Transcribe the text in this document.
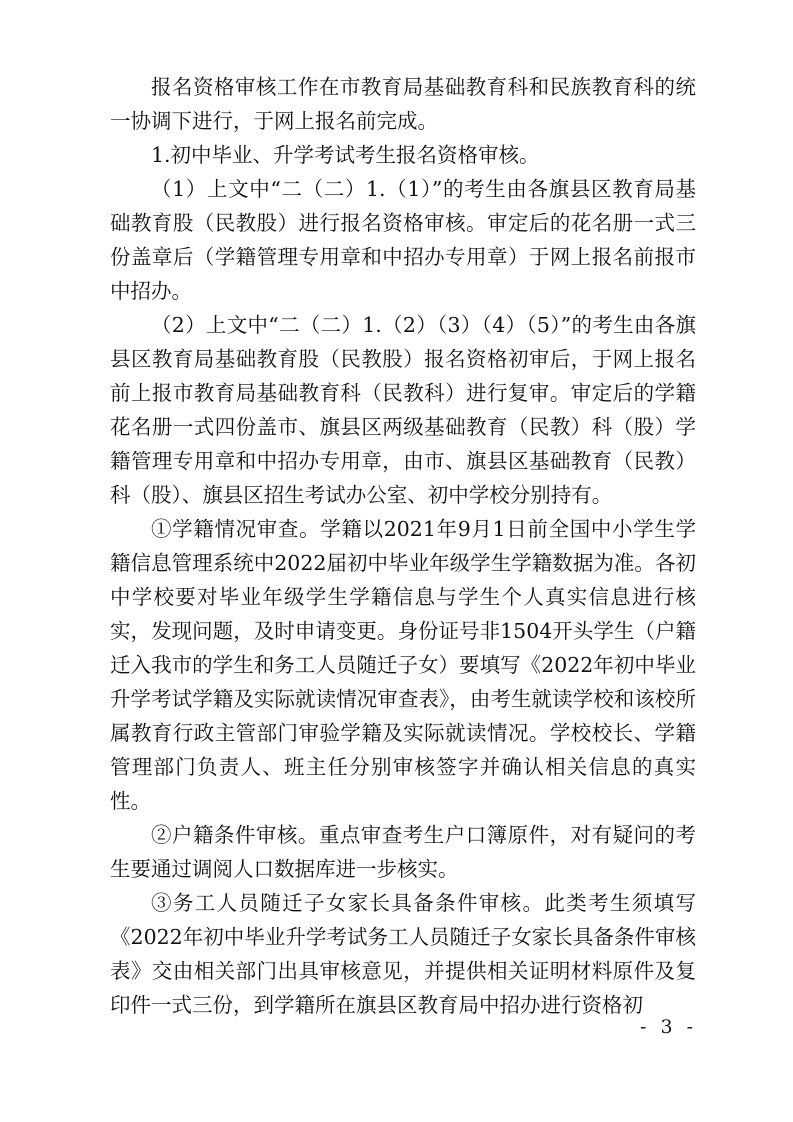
报名资格审核工作在市教育局基础教育科和民族教育科的统一协调下进行，于网上报名前完成。

1.初中毕业、升学考试考生报名资格审核。

（1）上文中“二（二）1.（1）”的考生由各旗县区教育局基础教育股（民教股）进行报名资格审核。审定后的花名册一式三份盖章后（学籍管理专用章和中招办专用章）于网上报名前报市中招办。

（2）上文中“二（二）1.（2）（3）（4）（5）”的考生由各旗县区教育局基础教育股（民教股）报名资格初审后，于网上报名前上报市教育局基础教育科（民教科）进行复审。审定后的学籍花名册一式四份盖市、旗县区两级基础教育（民教）科（股）学籍管理专用章和中招办专用章，由市、旗县区基础教育（民教）科（股）、旗县区招生考试办公室、初中学校分别持有。

①学籍情况审查。学籍以2021年9月1日前全国中小学生学籍信息管理系统中2022届初中毕业年级学生学籍数据为准。各初中学校要对毕业年级学生学籍信息与学生个人真实信息进行核实，发现问题，及时申请变更。身份证号非1504开头学生（户籍迁入我市的学生和务工人员随迁子女）要填写《2022年初中毕业升学考试学籍及实际就读情况审查表》，由考生就读学校和该校所属教育行政主管部门审验学籍及实际就读情况。学校校长、学籍管理部门负责人、班主任分别审核签字并确认相关信息的真实性。

②户籍条件审核。重点审查考生户口簿原件，对有疑问的考生要通过调阅人口数据库进一步核实。

③务工人员随迁子女家长具备条件审核。此类考生须填写《2022年初中毕业升学考试务工人员随迁子女家长具备条件审核表》交由相关部门出具审核意见，并提供相关证明材料原件及复印件一式三份，到学籍所在旗县区教育局中招办进行资格初

- 3 -
